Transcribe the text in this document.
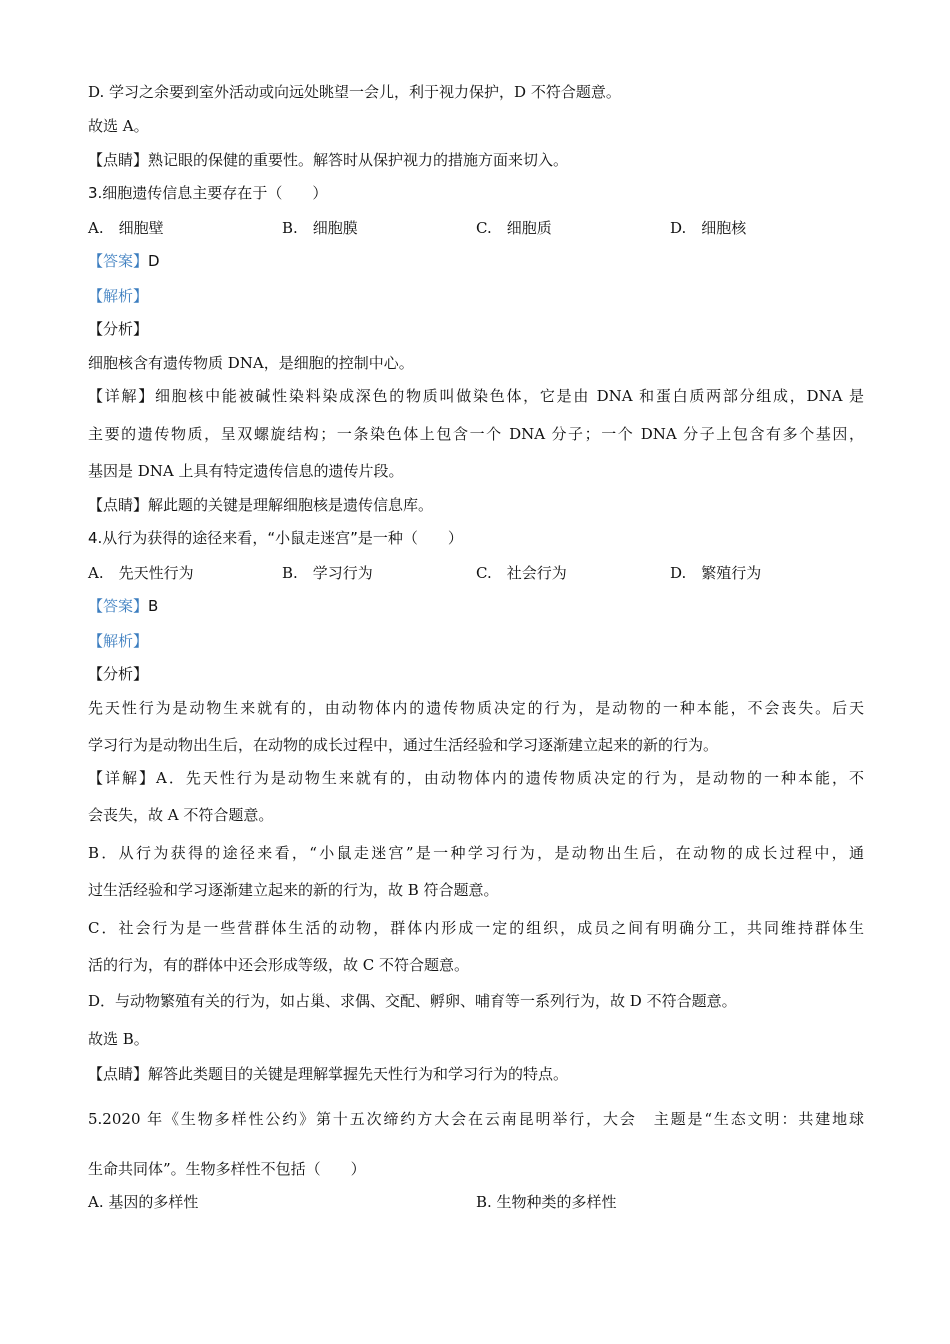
D. 学习之余要到室外活动或向远处眺望一会儿，利于视力保护，D 不符合题意。
故选 A。
【点睛】熟记眼的保健的重要性。解答时从保护视力的措施方面来切入。
3.细胞遗传信息主要存在于（　　）
A.　细胞壁	B.　细胞膜	C.　细胞质	D.　细胞核
【答案】D
【解析】
【分析】
细胞核含有遗传物质 DNA，是细胞的控制中心。
【详解】细胞核中能被碱性染料染成深色的物质叫做染色体，它是由 DNA 和蛋白质两部分组成，DNA 是
主要的遗传物质，呈双螺旋结构；一条染色体上包含一个 DNA 分子；一个 DNA 分子上包含有多个基因，
基因是 DNA 上具有特定遗传信息的遗传片段。
【点睛】解此题的关键是理解细胞核是遗传信息库。
4.从行为获得的途径来看，“小鼠走迷宫”是一种（　　）
A.　先天性行为	B.　学习行为	C.　社会行为	D.　繁殖行为
【答案】B
【解析】
【分析】
先天性行为是动物生来就有的，由动物体内的遗传物质决定的行为，是动物的一种本能，不会丧失。后天
学习行为是动物出生后，在动物的成长过程中，通过生活经验和学习逐渐建立起来的新的行为。
【详解】A．先天性行为是动物生来就有的，由动物体内的遗传物质决定的行为，是动物的一种本能，不
会丧失，故 A 不符合题意。
B．从行为获得的途径来看，“小鼠走迷宫”是一种学习行为，是动物出生后，在动物的成长过程中，通
过生活经验和学习逐渐建立起来的新的行为，故 B 符合题意。
C．社会行为是一些营群体生活的动物，群体内形成一定的组织，成员之间有明确分工，共同维持群体生
活的行为，有的群体中还会形成等级，故 C 不符合题意。
D．与动物繁殖有关的行为，如占巢、求偶、交配、孵卵、哺育等一系列行为，故 D 不符合题意。
故选 B。
【点睛】解答此类题目的关键是理解掌握先天性行为和学习行为的特点。
5.2020 年《生物多样性公约》第十五次缔约方大会在云南昆明举行，大会　主题是“生态文明：共建地球
生命共同体”。生物多样性不包括（　　）
A. 基因的多样性	B. 生物种类的多样性
